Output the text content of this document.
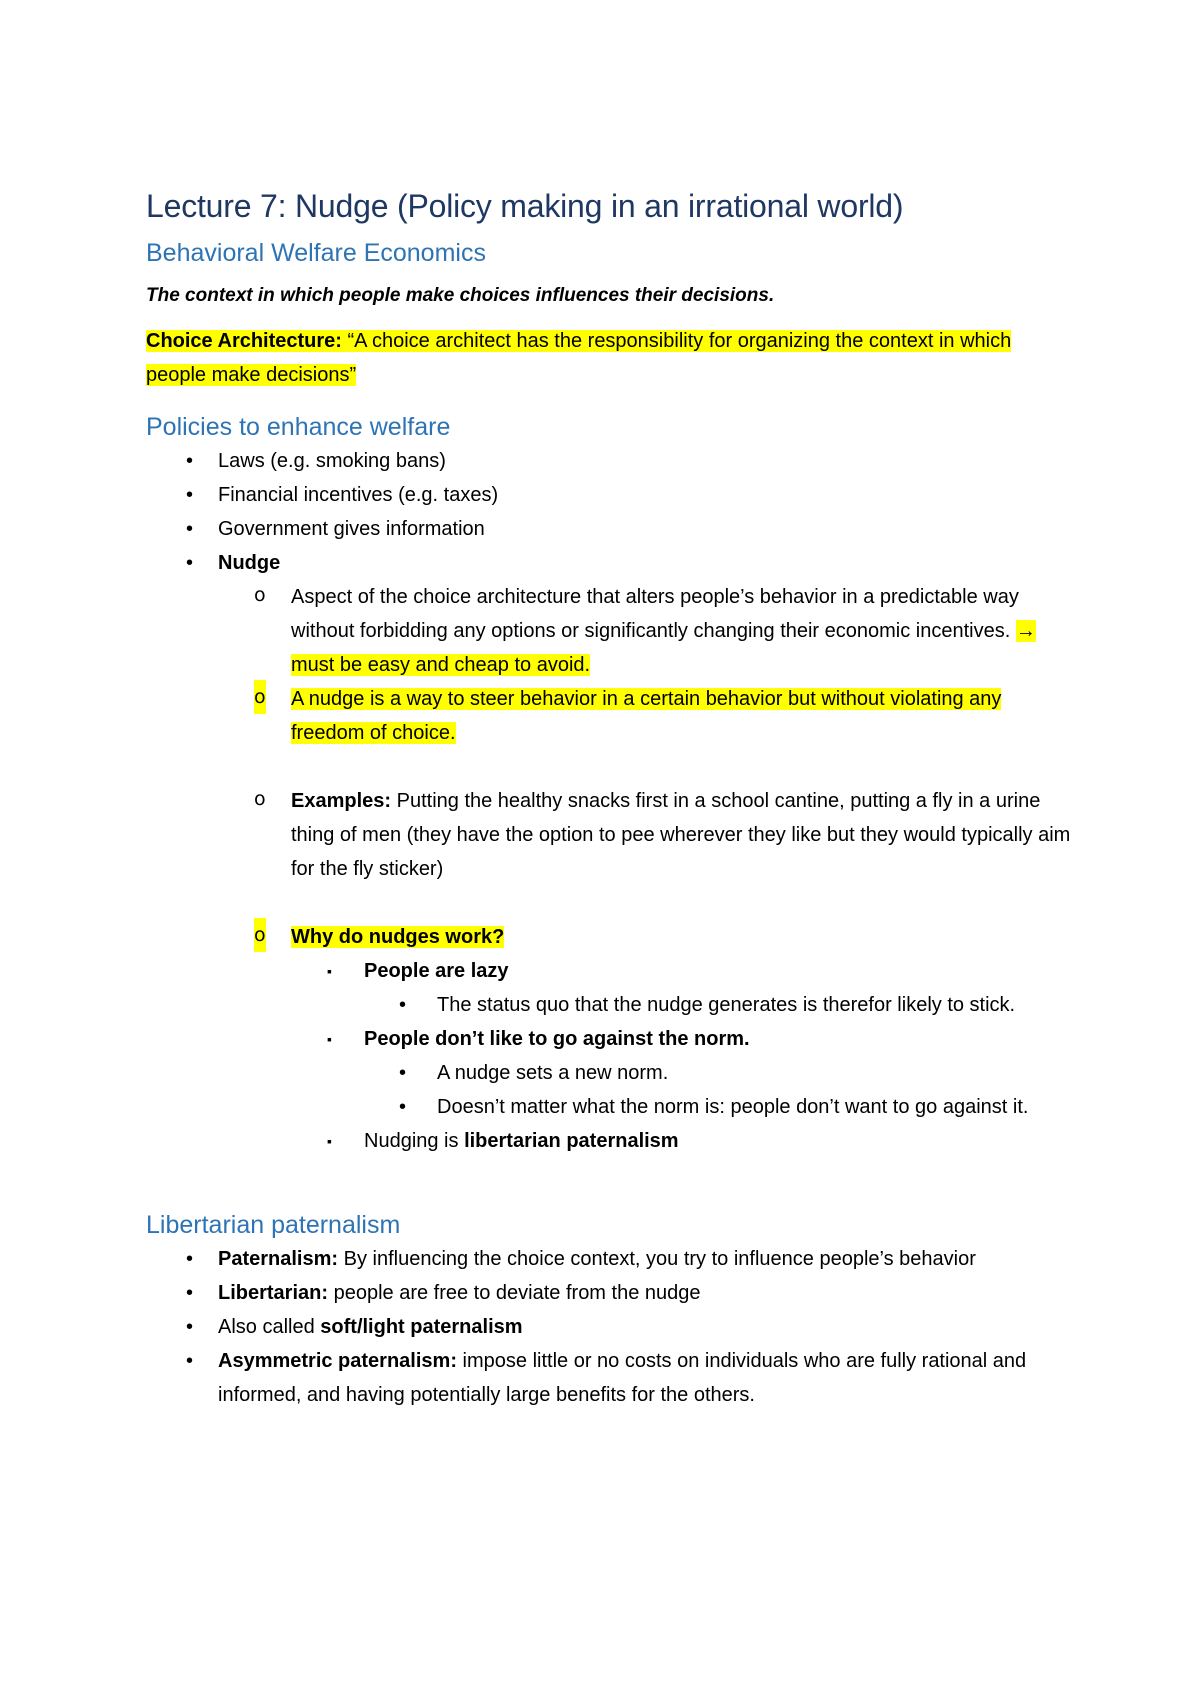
Lecture 7: Nudge (Policy making in an irrational world)
Behavioral Welfare Economics
The context in which people make choices influences their decisions.

Choice Architecture: “A choice architect has the responsibility for organizing the context in which people make decisions”

Policies to enhance welfare
• Laws (e.g. smoking bans)
• Financial incentives (e.g. taxes)
• Government gives information
• Nudge
o Aspect of the choice architecture that alters people’s behavior in a predictable way without forbidding any options or significantly changing their economic incentives. → must be easy and cheap to avoid.
o A nudge is a way to steer behavior in a certain behavior but without violating any freedom of choice.
o Examples: Putting the healthy snacks first in a school cantine, putting a fly in a urine thing of men (they have the option to pee wherever they like but they would typically aim for the fly sticker)
o Why do nudges work?
▪ People are lazy
• The status quo that the nudge generates is therefor likely to stick.
▪ People don’t like to go against the norm.
• A nudge sets a new norm.
• Doesn’t matter what the norm is: people don’t want to go against it.
▪ Nudging is libertarian paternalism
Libertarian paternalism
• Paternalism: By influencing the choice context, you try to influence people’s behavior
• Libertarian: people are free to deviate from the nudge
• Also called soft/light paternalism
• Asymmetric paternalism: impose little or no costs on individuals who are fully rational and informed, and having potentially large benefits for the others.
